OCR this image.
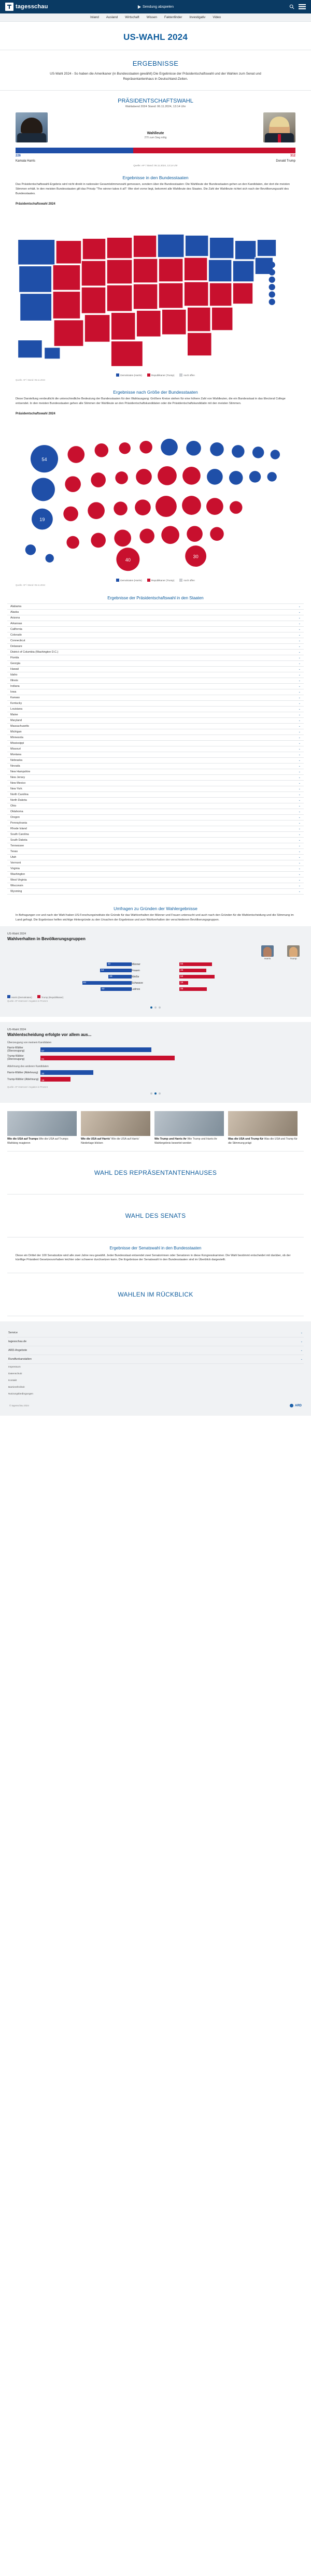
tagesschau	Sendung abspielen
Inland Ausland Wirtschaft Wissen Faktenfinder Investigativ Video
US-WAHL 2024
ERGEBNISSE
US-Wahl 2024 - So haben die Amerikaner (in Bundesstaaten gewählt) Die Ergebnisse der Präsidentschaftswahl und der Wahlen zum Senat und Repräsentantenhaus in Deutschland-Zeiten.
PRÄSIDENTSCHAFTSWAHL
Wahlabend 2024 Stand: 06.11.2024, 13:14 Uhr
Wahlleute
270 zum Sieg nötig
226	312
Kamala Harris	Donald Trump
Quelle: AP / Stand: 06.11.2024, 13:14 Uhr
Ergebnisse in den Bundesstaaten
Das Präsidentschaftswahl-Ergebnis wird nicht direkt in nationaler Gesamtstimmenzahl gemessen, sondern über die Bundesstaaten: Die Wahlleute der Bundesstaaten gehen an den Kandidaten, der dort die meisten Stimmen erhält. In den meisten Bundesstaaten gilt das Prinzip "The winner takes it all": Wer dort vorne liegt, bekommt alle Wahlleute des Staates. Die Zahl der Wahlleute richtet sich nach der Bevölkerungszahl des Bundesstaates.
Präsidentschaftswahl 2024
Demokraten (Harris)	Republikaner (Trump)	noch offen
Quelle: AP / Stand: 06.11.2024
Ergebnisse nach Größe der Bundesstaaten
Diese Darstellung verdeutlicht die unterschiedliche Bedeutung der Bundesstaaten für den Wahlausgang: Größere Kreise stehen für eine höhere Zahl von Wahlleuten, die ein Bundesstaat in das Electoral College entsendet. In den meisten Bundesstaaten gehen alle Stimmen der Wahlleute an den Präsidentschaftskandidaten oder die Präsidentschaftskandidatin mit den meisten Stimmen.
Präsidentschaftswahl 2024
54
40
19
30
Demokraten (Harris)	Republikaner (Trump)	noch offen
Quelle: AP / Stand: 06.11.2024
Ergebnisse der Präsidentschaftswahl in den Staaten
Alabama	⌄
Alaska	⌄
Arizona	⌄
Arkansas	⌄
California	⌄
Colorado	⌄
Connecticut	⌄
Delaware	⌄
District of Columbia (Washington D.C.)	⌄
Florida	⌄
Georgia	⌄
Hawaii	⌄
Idaho	⌄
Illinois	⌄
Indiana	⌄
Iowa	⌄
Kansas	⌄
Kentucky	⌄
Louisiana	⌄
Maine	⌄
Maryland	⌄
Massachusetts	⌄
Michigan	⌄
Minnesota	⌄
Mississippi	⌄
Missouri	⌄
Montana	⌄
Nebraska	⌄
Nevada	⌄
New Hampshire	⌄
New Jersey	⌄
New Mexico	⌄
New York	⌄
North Carolina	⌄
North Dakota	⌄
Ohio	⌄
Oklahoma	⌄
Oregon	⌄
Pennsylvania	⌄
Rhode Island	⌄
South Carolina	⌄
South Dakota	⌄
Tennessee	⌄
Texas	⌄
Utah	⌄
Vermont	⌄
Virginia	⌄
Washington	⌄
West Virginia	⌄
Wisconsin	⌄
Wyoming	⌄
Umfragen zu Gründen der Wahlergebnisse
In Befragungen vor und nach der Wahl haben US-Forschungsinstitute die Gründe für das Wahlverhalten der Männer und Frauen untersucht und auch nach den Gründen für die Wahlentscheidung und die Stimmung im Land gefragt. Die Ergebnisse helfen wichtige Hintergründe zu den Ursachen der Ergebnisse und zum Wahlverhalten der verschiedenen Bevölkerungsgruppen.
US-Wahl 2024
Wahlverhalten in Bevölkerungsgruppen
Harris	Trump
42	Männer	55
53	Frauen	45
39	Weiße	59
83	Schwarze	15
52	Latinos	46
Harris (Demokraten)	Trump (Republikaner)
Quelle: AP VoteCast / Angaben in Prozent
US-Wahl 2024
Wahlentscheidung erfolgte vor allem aus...
Überzeugung von meinem Kandidaten
Harris-Wähler (Überzeugung)	67
Trump-Wähler (Überzeugung)	81
Ablehnung des anderen Kandidaten
Harris-Wähler (Ablehnung)	32
Trump-Wähler (Ablehnung)	18
Quelle: AP VoteCast / Angaben in Prozent
Wie die USA auf Trumps Wie die USA auf Trumps Wahlsieg reagieren
Wie die USA auf Harris' Wie die USA auf Harris' Niederlage blicken
Wie Trump und Harris ihr Wie Trump und Harris ihr Wahlergebnis bewertet werden
Was die USA und Trump für Was die USA und Trump für die Stimmung prägt
WAHL DES REPRÄSENTANTENHAUSES
WAHL DES SENATS
Ergebnisse der Senatswahl in den Bundesstaaten
Diese ein Drittel der 100 Senatssitze wird alle zwei Jahre neu gewählt. Jeder Bundesstaat entsendet zwei Senatorinnen oder Senatoren in diese Kongresskammer. Die Wahl bestimmt entscheidet mit darüber, ob der künftige Präsident Gesetzesvorhaben leichter oder schwerer durchsetzen kann. Die Ergebnisse der Senatswahl in den Bundesstaaten sind im Überblick dargestellt.
WAHLEN IM RÜCKBLICK
Service	⌄
tagesschau.de	⌄
ARD-Angebote	⌄
Rundfunkanstalten	⌄
Impressum
Datenschutz
Kontakt
Barrierefreiheit
Nutzungsbedingungen
© tagesschau 2024	ARD
